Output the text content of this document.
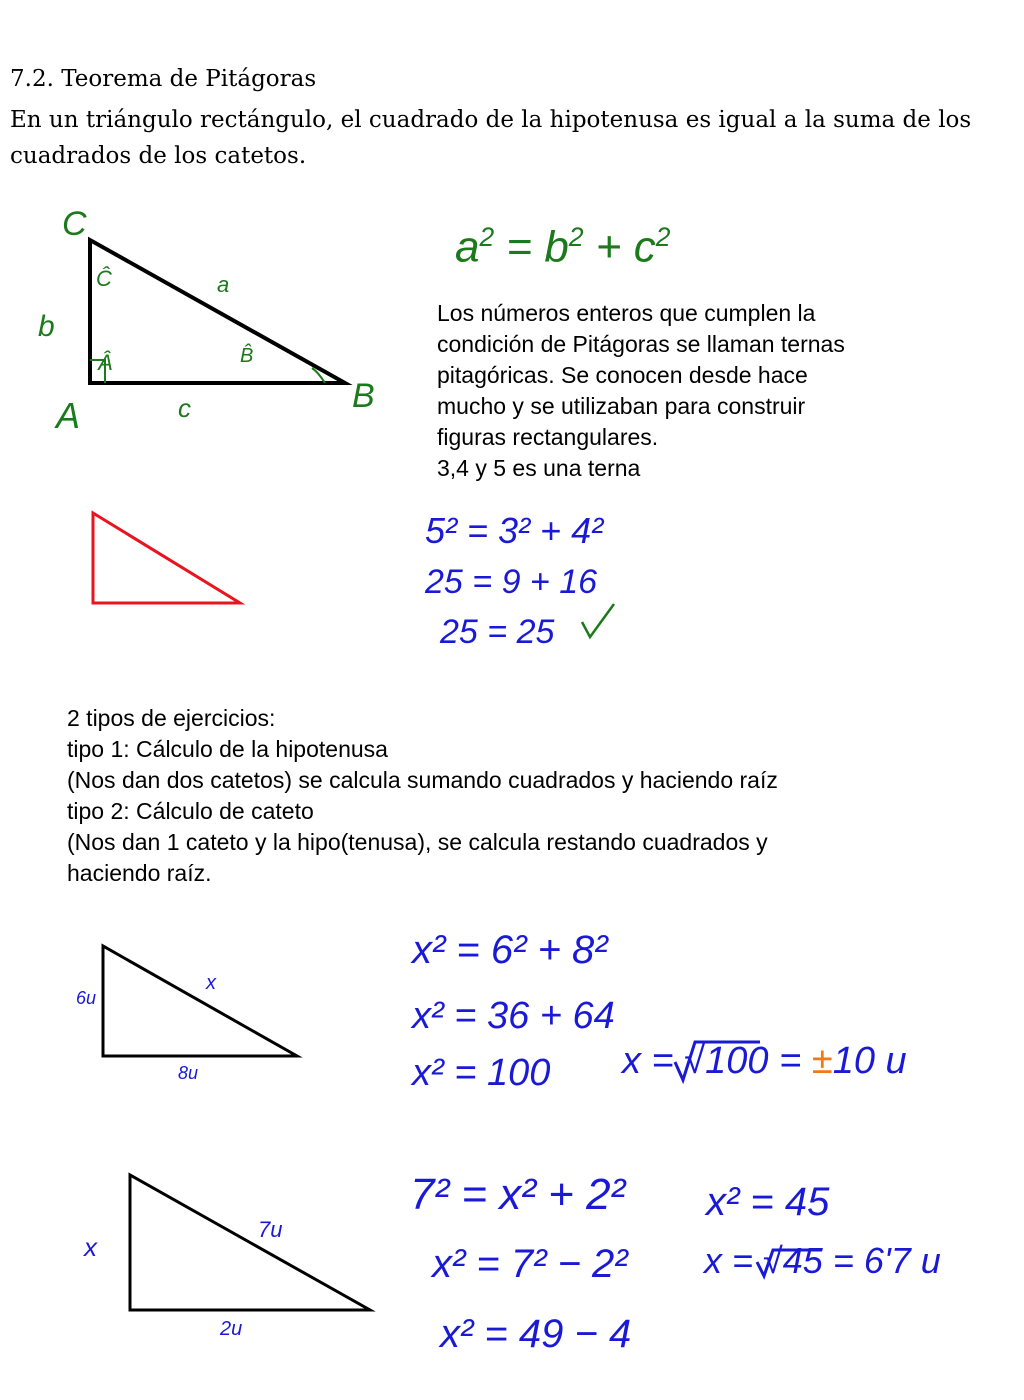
7.2. Teorema de Pitágoras

En un triángulo rectángulo, el cuadrado de la hipotenusa es igual a la suma de los cuadrados de los catetos.

Los números enteros que cumplen la
condición de Pitágoras se llaman ternas
pitagóricas. Se conocen desde hace
mucho y se utilizaban para construir
figuras rectangulares.
3,4 y 5 es una terna
2 tipos de ejercicios:
tipo 1: Cálculo de la hipotenusa
(Nos dan dos catetos) se calcula sumando cuadrados y haciendo raíz
tipo 2: Cálculo de cateto
(Nos dan 1 cateto y la hipo(tenusa), se calcula restando cuadrados y
haciendo raíz.
C
A	B
a
b
c
Ĉ
Â	B̂
$a^2 = b^2 + c^2$
5² = 3² + 4²
25 = 9 + 16
25 = 25
6u
8u
x
x² = 6² + 8²
x² = 36 + 64
x² = 100 x = √100 = ±10 u
x
2u
7u
7² = x² + 2²
x² = 7² − 2²
x² = 49 − 4
x² = 45
x = √45 = 6'7 u
